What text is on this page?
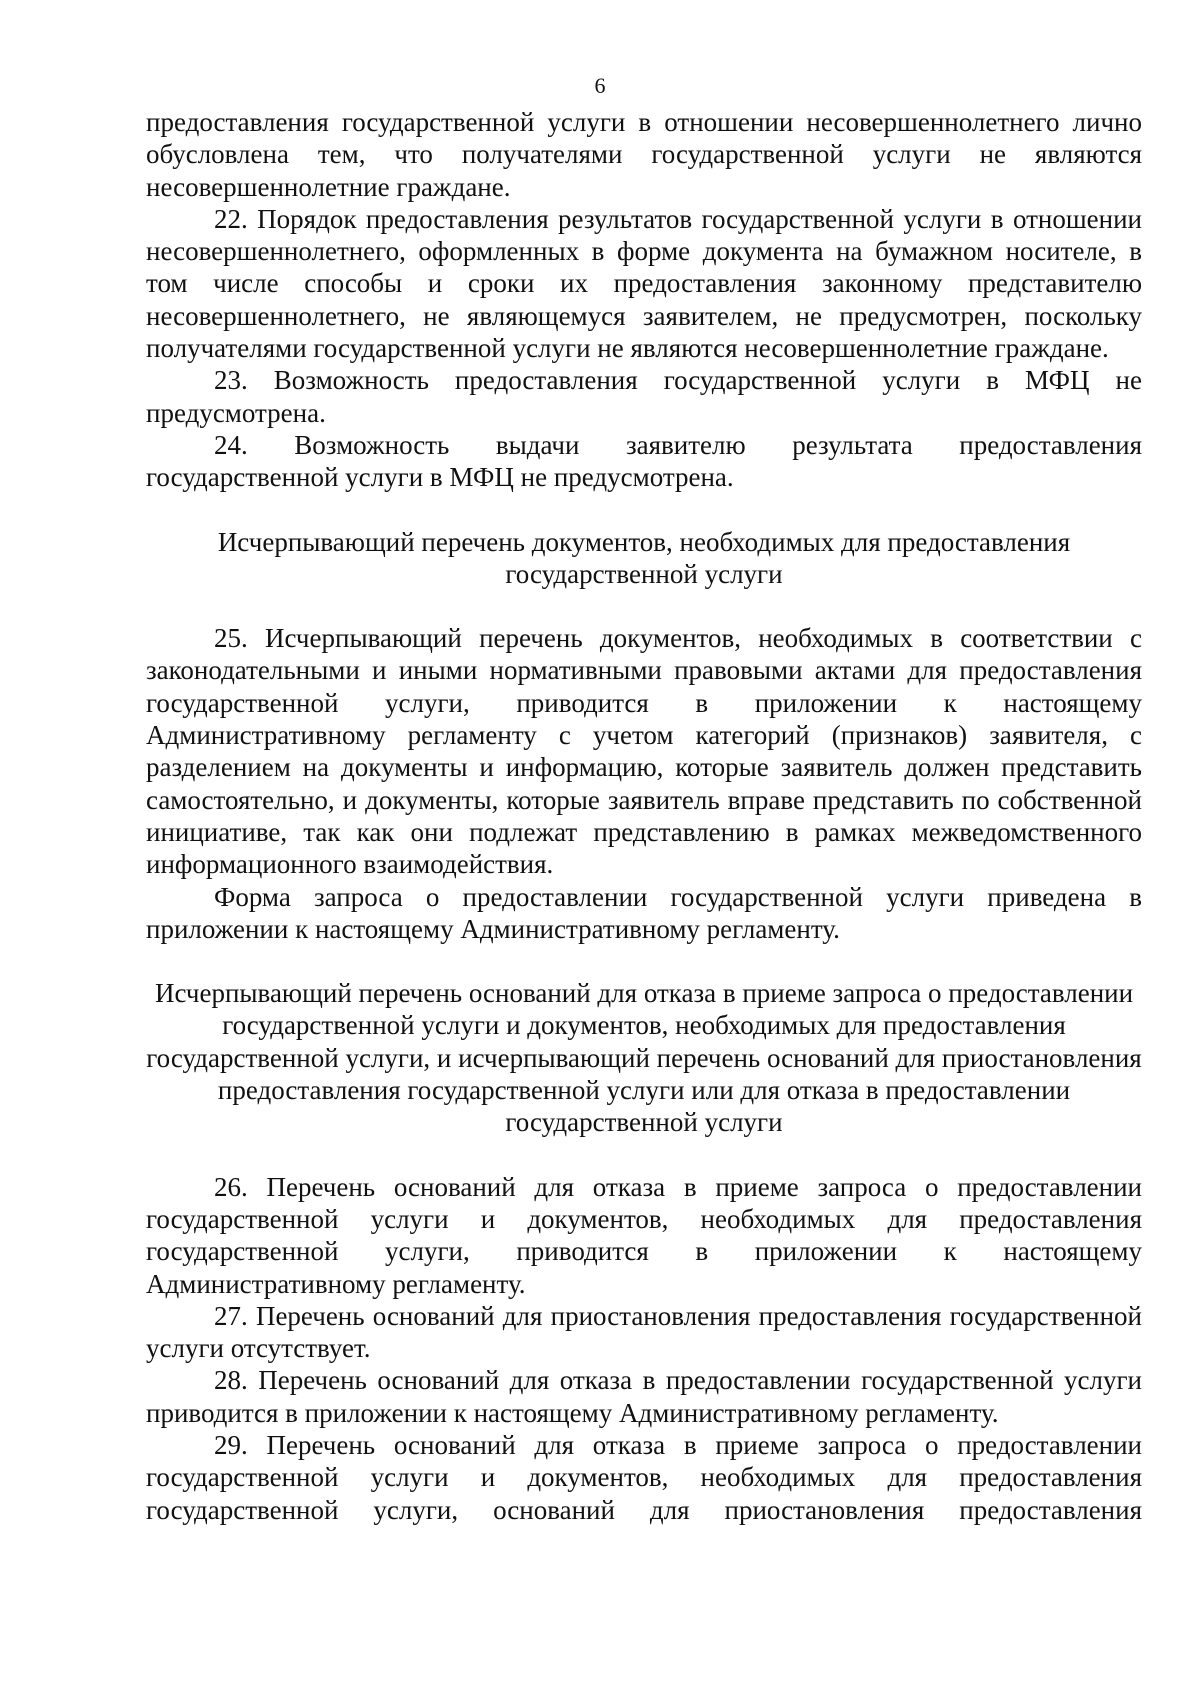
6

предоставления государственной услуги в отношении несовершеннолетнего лично обусловлена тем, что получателями государственной услуги не являются несовершеннолетние граждане.

22. Порядок предоставления результатов государственной услуги в отношении несовершеннолетнего, оформленных в форме документа на бумажном носителе, в том числе способы и сроки их предоставления законному представителю несовершеннолетнего, не являющемуся заявителем, не предусмотрен, поскольку получателями государственной услуги не являются несовершеннолетние граждане.

23. Возможность предоставления государственной услуги в МФЦ не предусмотрена.

24. Возможность выдачи заявителю результата предоставления государственной услуги в МФЦ не предусмотрена.

Исчерпывающий перечень документов, необходимых для предоставления государственной услуги

25. Исчерпывающий перечень документов, необходимых в соответствии с законодательными и иными нормативными правовыми актами для предоставления государственной услуги, приводится в приложении к настоящему Административному регламенту с учетом категорий (признаков) заявителя, с разделением на документы и информацию, которые заявитель должен представить самостоятельно, и документы, которые заявитель вправе представить по собственной инициативе, так как они подлежат представлению в рамках межведомственного информационного взаимодействия.

Форма запроса о предоставлении государственной услуги приведена в приложении к настоящему Административному регламенту.

Исчерпывающий перечень оснований для отказа в приеме запроса о предоставлении государственной услуги и документов, необходимых для предоставления государственной услуги, и исчерпывающий перечень оснований для приостановления предоставления государственной услуги или для отказа в предоставлении государственной услуги

26. Перечень оснований для отказа в приеме запроса о предоставлении государственной услуги и документов, необходимых для предоставления государственной услуги, приводится в приложении к настоящему Административному регламенту.

27. Перечень оснований для приостановления предоставления государственной услуги отсутствует.

28. Перечень оснований для отказа в предоставлении государственной услуги приводится в приложении к настоящему Административному регламенту.

29. Перечень оснований для отказа в приеме запроса о предоставлении государственной услуги и документов, необходимых для предоставления государственной услуги, оснований для приостановления предоставления
